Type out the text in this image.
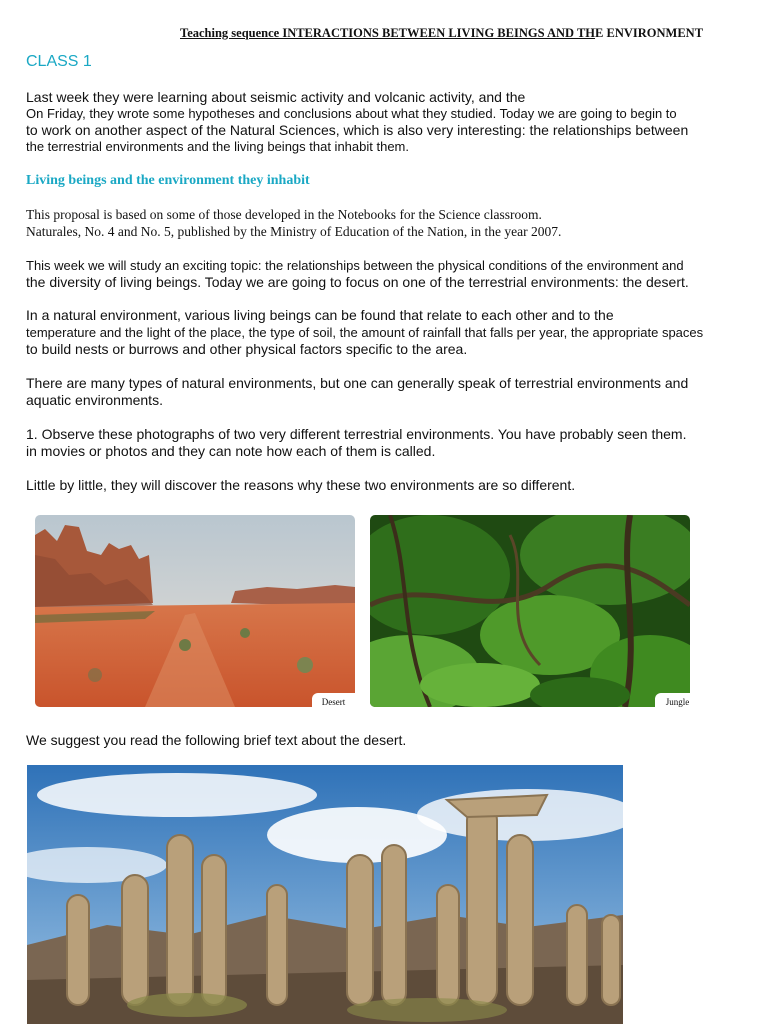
Teaching sequence INTERACTIONS BETWEEN LIVING BEINGS AND THE ENVIRONMENT
CLASS 1
Last week they were learning about seismic activity and volcanic activity, and the
On Friday, they wrote some hypotheses and conclusions about what they studied. Today we are going to begin to
to work on another aspect of the Natural Sciences, which is also very interesting: the relationships between
the terrestrial environments and the living beings that inhabit them.
Living beings and the environment they inhabit
This proposal is based on some of those developed in the Notebooks for the Science classroom.
Naturales, No. 4 and No. 5, published by the Ministry of Education of the Nation, in the year 2007.
This week we will study an exciting topic: the relationships between the physical conditions of the environment and
the diversity of living beings. Today we are going to focus on one of the terrestrial environments: the desert.
In a natural environment, various living beings can be found that relate to each other and to the
temperature and the light of the place, the type of soil, the amount of rainfall that falls per year, the appropriate spaces
to build nests or burrows and other physical factors specific to the area.
There are many types of natural environments, but one can generally speak of terrestrial environments and
aquatic environments.
1. Observe these photographs of two very different terrestrial environments. You have probably seen them.
in movies or photos and they can note how each of them is called.
Little by little, they will discover the reasons why these two environments are so different.
Desert	Jungle
We suggest you read the following brief text about the desert.
